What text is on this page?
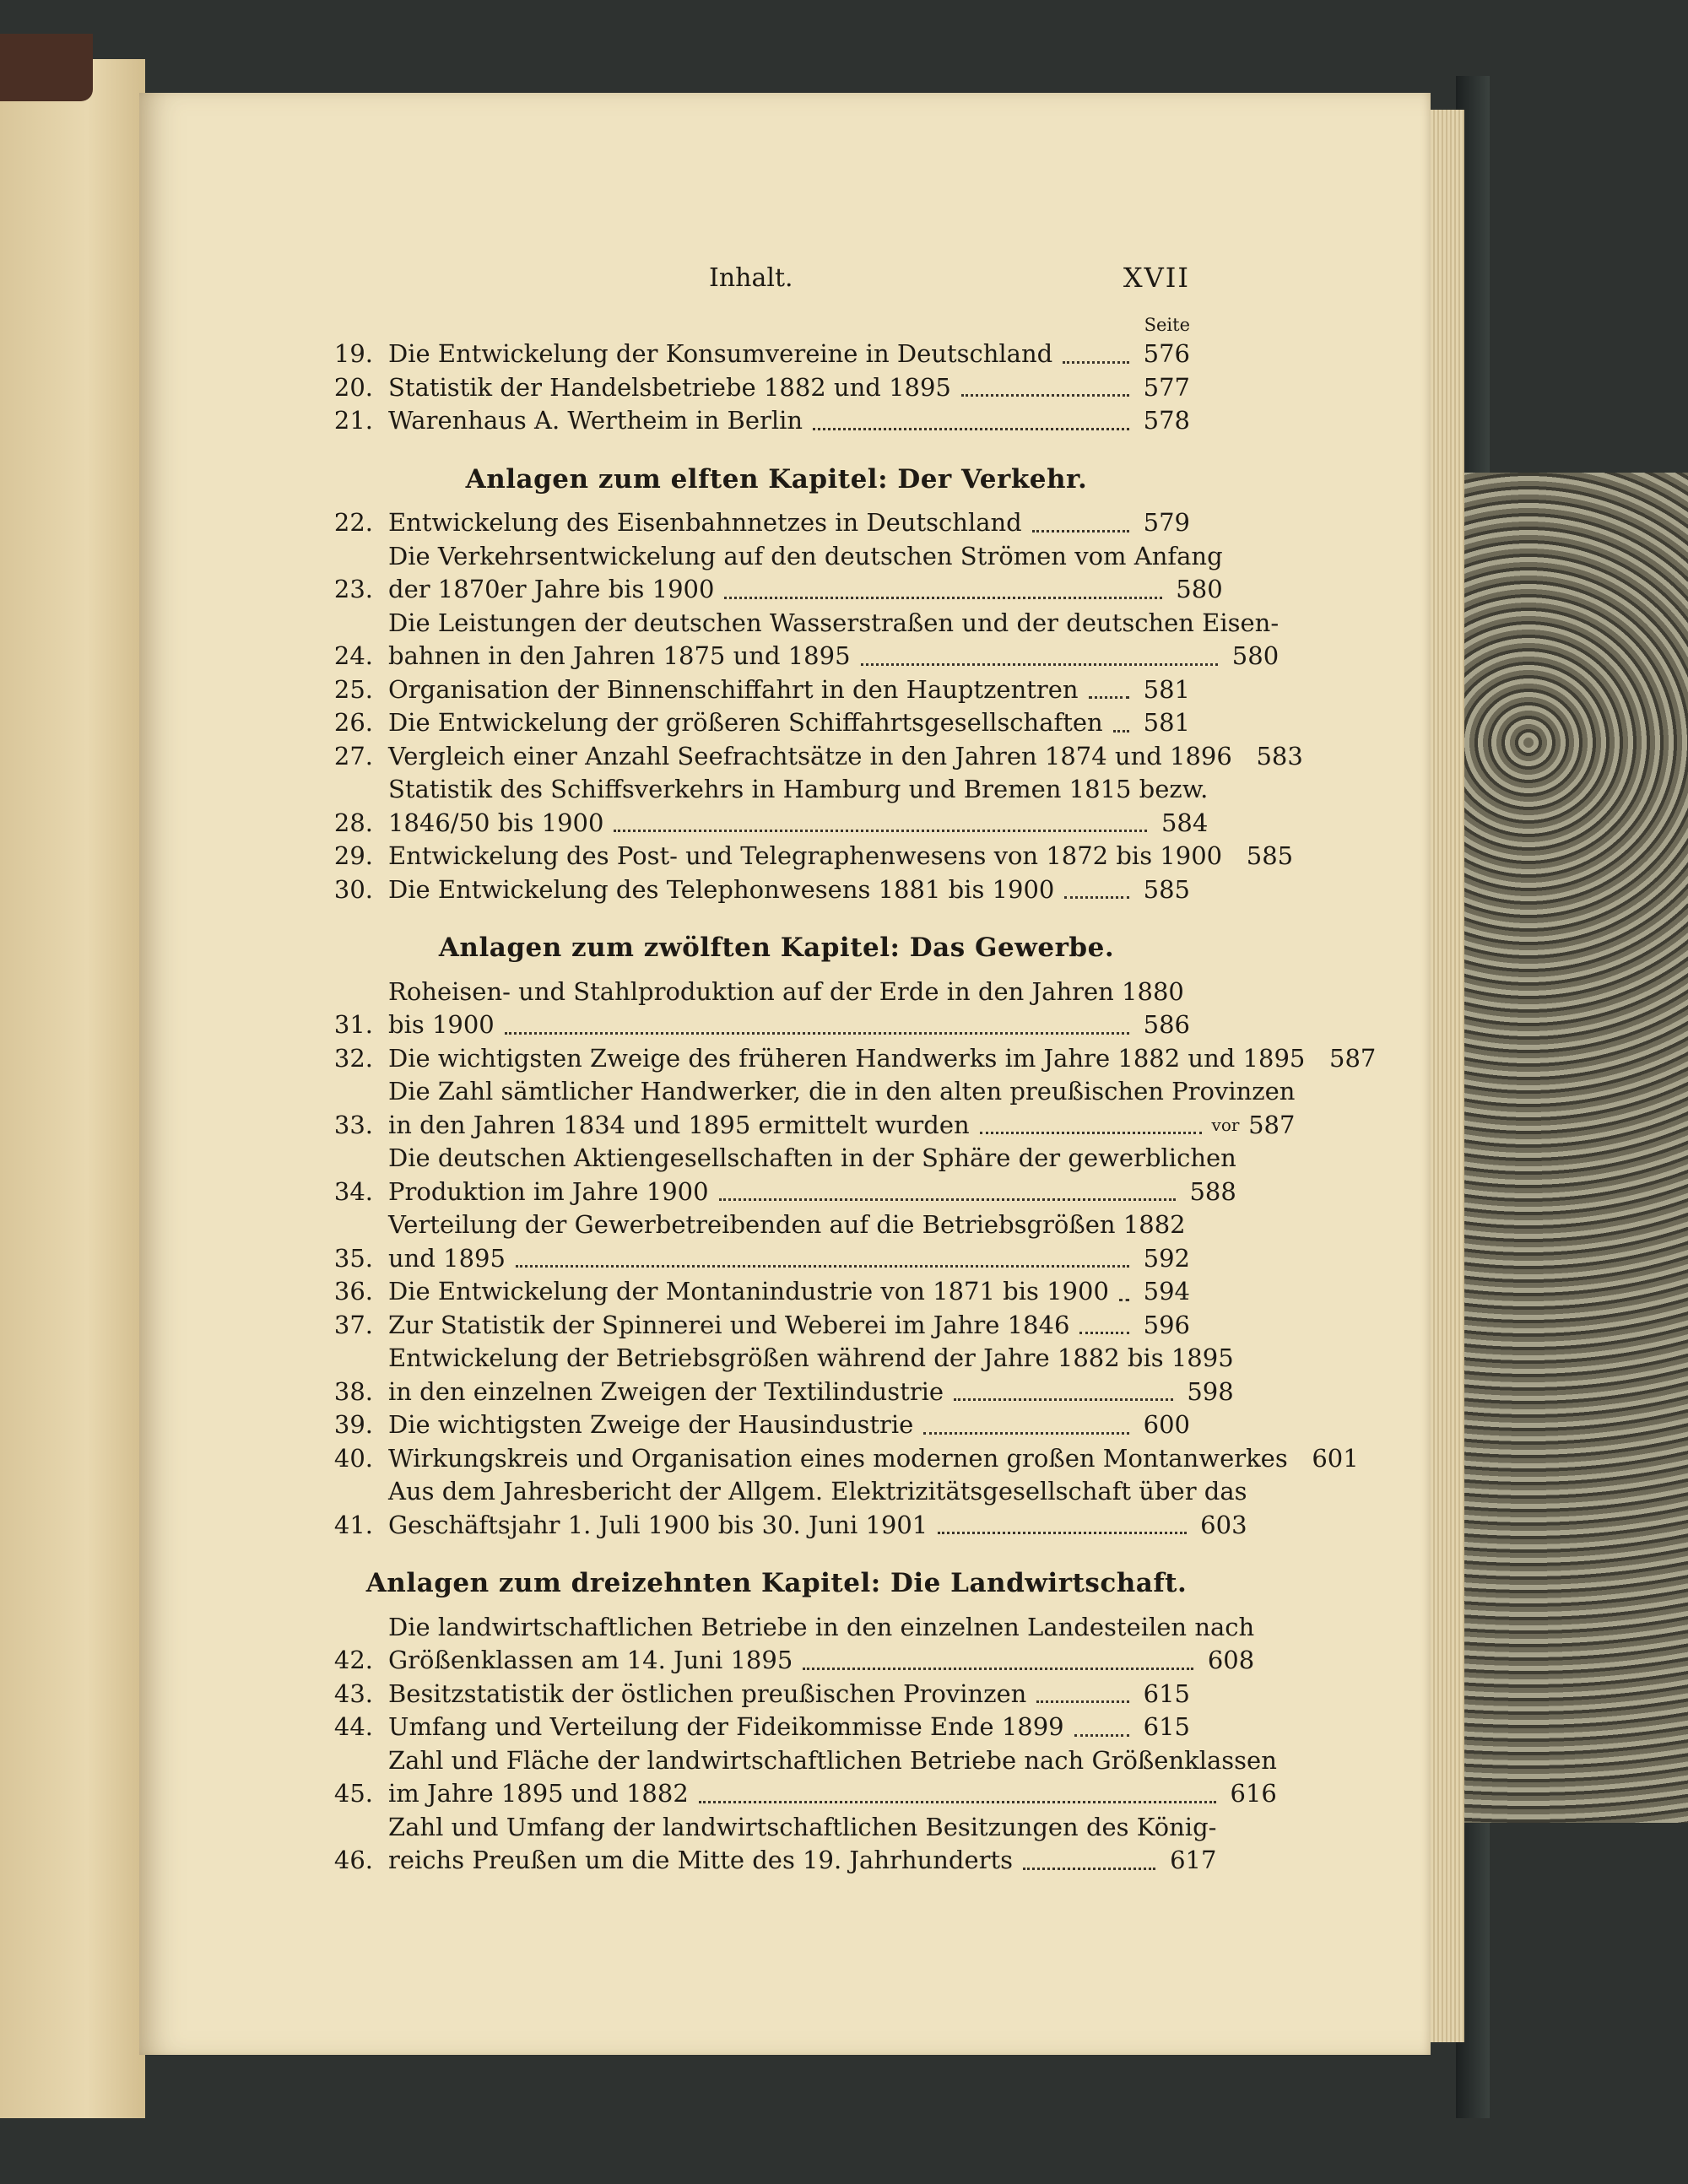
Inhalt.	XVII
Seite
19. Die Entwickelung der Konsumvereine in Deutschland	576
20. Statistik der Handelsbetriebe 1882 und 1895	577
21. Warenhaus A. Wertheim in Berlin	578
Anlagen zum elften Kapitel: Der Verkehr.
22. Entwickelung des Eisenbahnnetzes in Deutschland	579
23.
Die Verkehrsentwickelung auf den deutschen Strömen vom Anfang
der 1870er Jahre bis 1900	580
24.
Die Leistungen der deutschen Wasserstraßen und der deutschen Eisen-
bahnen in den Jahren 1875 und 1895	580
25. Organisation der Binnenschiffahrt in den Hauptzentren	581
26. Die Entwickelung der größeren Schiffahrtsgesellschaften 581
27. Vergleich einer Anzahl Seefrachtsätze in den Jahren 1874 und 1896 583
28.
Statistik des Schiffsverkehrs in Hamburg und Bremen 1815 bezw.
1846/50 bis 1900	584
29. Entwickelung des Post- und Telegraphenwesens von 1872 bis 1900 585
30. Die Entwickelung des Telephonwesens 1881 bis 1900	585
Anlagen zum zwölften Kapitel: Das Gewerbe.
31.
Roheisen- und Stahlproduktion auf der Erde in den Jahren 1880
bis 1900	586
32. Die wichtigsten Zweige des früheren Handwerks im Jahre 1882 und 1895 587
33.
Die Zahl sämtlicher Handwerker, die in den alten preußischen Provinzen
in den Jahren 1834 und 1895 ermittelt wurden	vor 587
34.
Die deutschen Aktiengesellschaften in der Sphäre der gewerblichen
Produktion im Jahre 1900	588
35.
Verteilung der Gewerbetreibenden auf die Betriebsgrößen 1882
und 1895	592
36. Die Entwickelung der Montanindustrie von 1871 bis 1900 594
37. Zur Statistik der Spinnerei und Weberei im Jahre 1846	596
38.
Entwickelung der Betriebsgrößen während der Jahre 1882 bis 1895
in den einzelnen Zweigen der Textilindustrie	598
39. Die wichtigsten Zweige der Hausindustrie	600
40. Wirkungskreis und Organisation eines modernen großen Montanwerkes 601
41.
Aus dem Jahresbericht der Allgem. Elektrizitätsgesellschaft über das
Geschäftsjahr 1. Juli 1900 bis 30. Juni 1901	603
Anlagen zum dreizehnten Kapitel: Die Landwirtschaft.
42.
Die landwirtschaftlichen Betriebe in den einzelnen Landesteilen nach
Größenklassen am 14. Juni 1895	608
43. Besitzstatistik der östlichen preußischen Provinzen	615
44. Umfang und Verteilung der Fideikommisse Ende 1899	615
45.
Zahl und Fläche der landwirtschaftlichen Betriebe nach Größenklassen
im Jahre 1895 und 1882	616
46.
Zahl und Umfang der landwirtschaftlichen Besitzungen des König-
reichs Preußen um die Mitte des 19. Jahrhunderts	617
